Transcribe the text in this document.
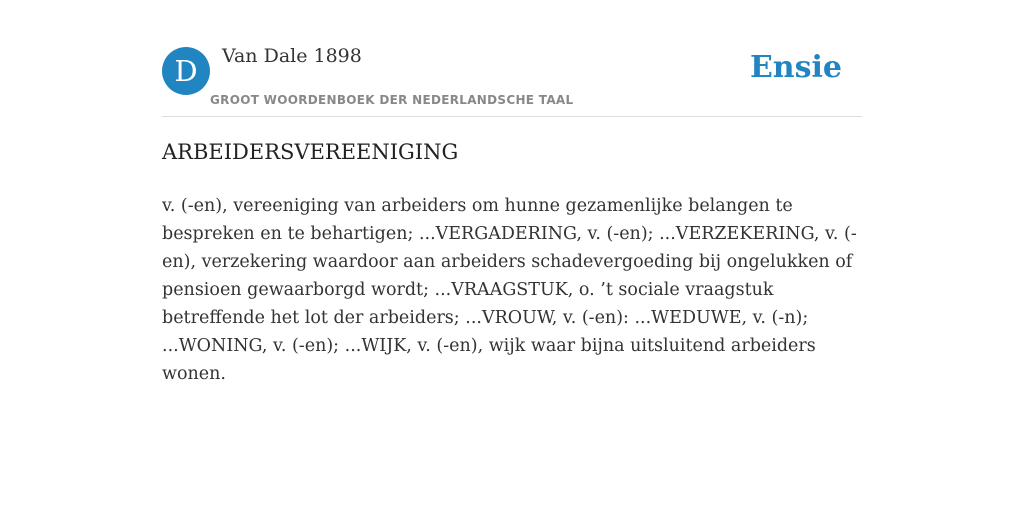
D	Van Dale 1898
GROOT WOORDENBOEK DER NEDERLANDSCHE TAAL
Ensie
ARBEIDERSVEREENIGING

v. (-en), vereeniging van arbeiders om hunne gezamenlijke belangen te bespreken en te behartigen; ...VERGADERING, v. (-en); ...VERZEKERING, v. (-en), verzekering waardoor aan arbeiders schadevergoeding bij ongelukken of pensioen gewaarborgd wordt; ...VRAAGSTUK, o. ’t sociale vraagstuk betreffende het lot der arbeiders; ...VROUW, v. (-en): ...WEDUWE, v. (-n); ...WONING, v. (-en); ...WIJK, v. (-en), wijk waar bijna uitsluitend arbeiders wonen.
